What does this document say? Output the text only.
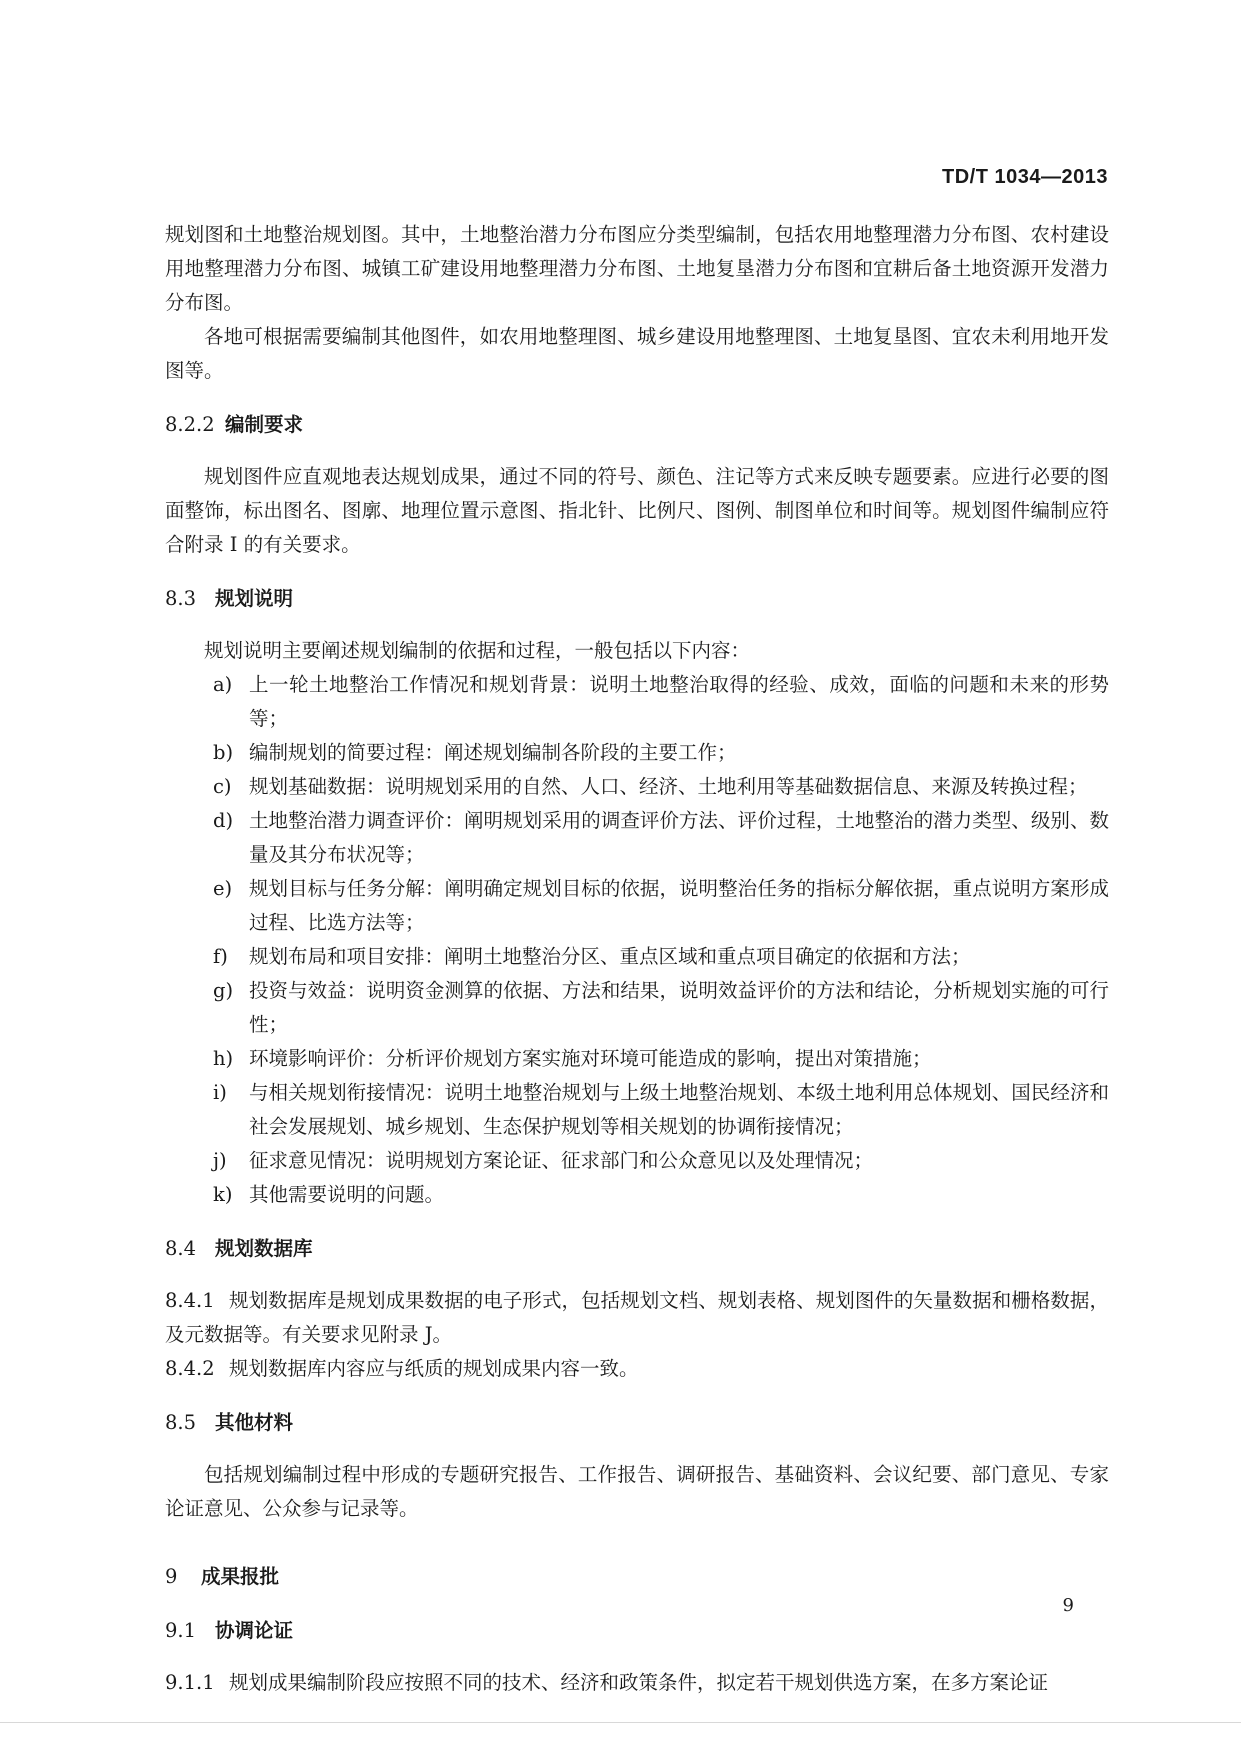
TD/T 1034—2013

规划图和土地整治规划图。其中，土地整治潜力分布图应分类型编制，包括农用地整理潜力分布图、农村建设用地整理潜力分布图、城镇工矿建设用地整理潜力分布图、土地复垦潜力分布图和宜耕后备土地资源开发潜力分布图。

各地可根据需要编制其他图件，如农用地整理图、城乡建设用地整理图、土地复垦图、宜农未利用地开发图等。

8.2.2 编制要求

规划图件应直观地表达规划成果，通过不同的符号、颜色、注记等方式来反映专题要素。应进行必要的图面整饰，标出图名、图廓、地理位置示意图、指北针、比例尺、图例、制图单位和时间等。规划图件编制应符合附录 I 的有关要求。

8.3 规划说明

规划说明主要阐述规划编制的依据和过程，一般包括以下内容：

a) 上一轮土地整治工作情况和规划背景：说明土地整治取得的经验、成效，面临的问题和未来的形势等；
b) 编制规划的简要过程：阐述规划编制各阶段的主要工作；
c) 规划基础数据：说明规划采用的自然、人口、经济、土地利用等基础数据信息、来源及转换过程；
d) 土地整治潜力调查评价：阐明规划采用的调查评价方法、评价过程，土地整治的潜力类型、级别、数量及其分布状况等；
e) 规划目标与任务分解：阐明确定规划目标的依据，说明整治任务的指标分解依据，重点说明方案形成过程、比选方法等；
f)	规划布局和项目安排：阐明土地整治分区、重点区域和重点项目确定的依据和方法；
g) 投资与效益：说明资金测算的依据、方法和结果，说明效益评价的方法和结论，分析规划实施的可行性；
h) 环境影响评价：分析评价规划方案实施对环境可能造成的影响，提出对策措施；
i)	与相关规划衔接情况：说明土地整治规划与上级土地整治规划、本级土地利用总体规划、国民经济和社会发展规划、城乡规划、生态保护规划等相关规划的协调衔接情况；
j)	征求意见情况：说明规划方案论证、征求部门和公众意见以及处理情况；
k) 其他需要说明的问题。
8.4 规划数据库

8.4.1 规划数据库是规划成果数据的电子形式，包括规划文档、规划表格、规划图件的矢量数据和栅格数据，及元数据等。有关要求见附录 J。

8.4.2 规划数据库内容应与纸质的规划成果内容一致。

8.5 其他材料

包括规划编制过程中形成的专题研究报告、工作报告、调研报告、基础资料、会议纪要、部门意见、专家论证意见、公众参与记录等。

9 成果报批
9.1 协调论证

9.1.1 规划成果编制阶段应按照不同的技术、经济和政策条件，拟定若干规划供选方案，在多方案论证

9
